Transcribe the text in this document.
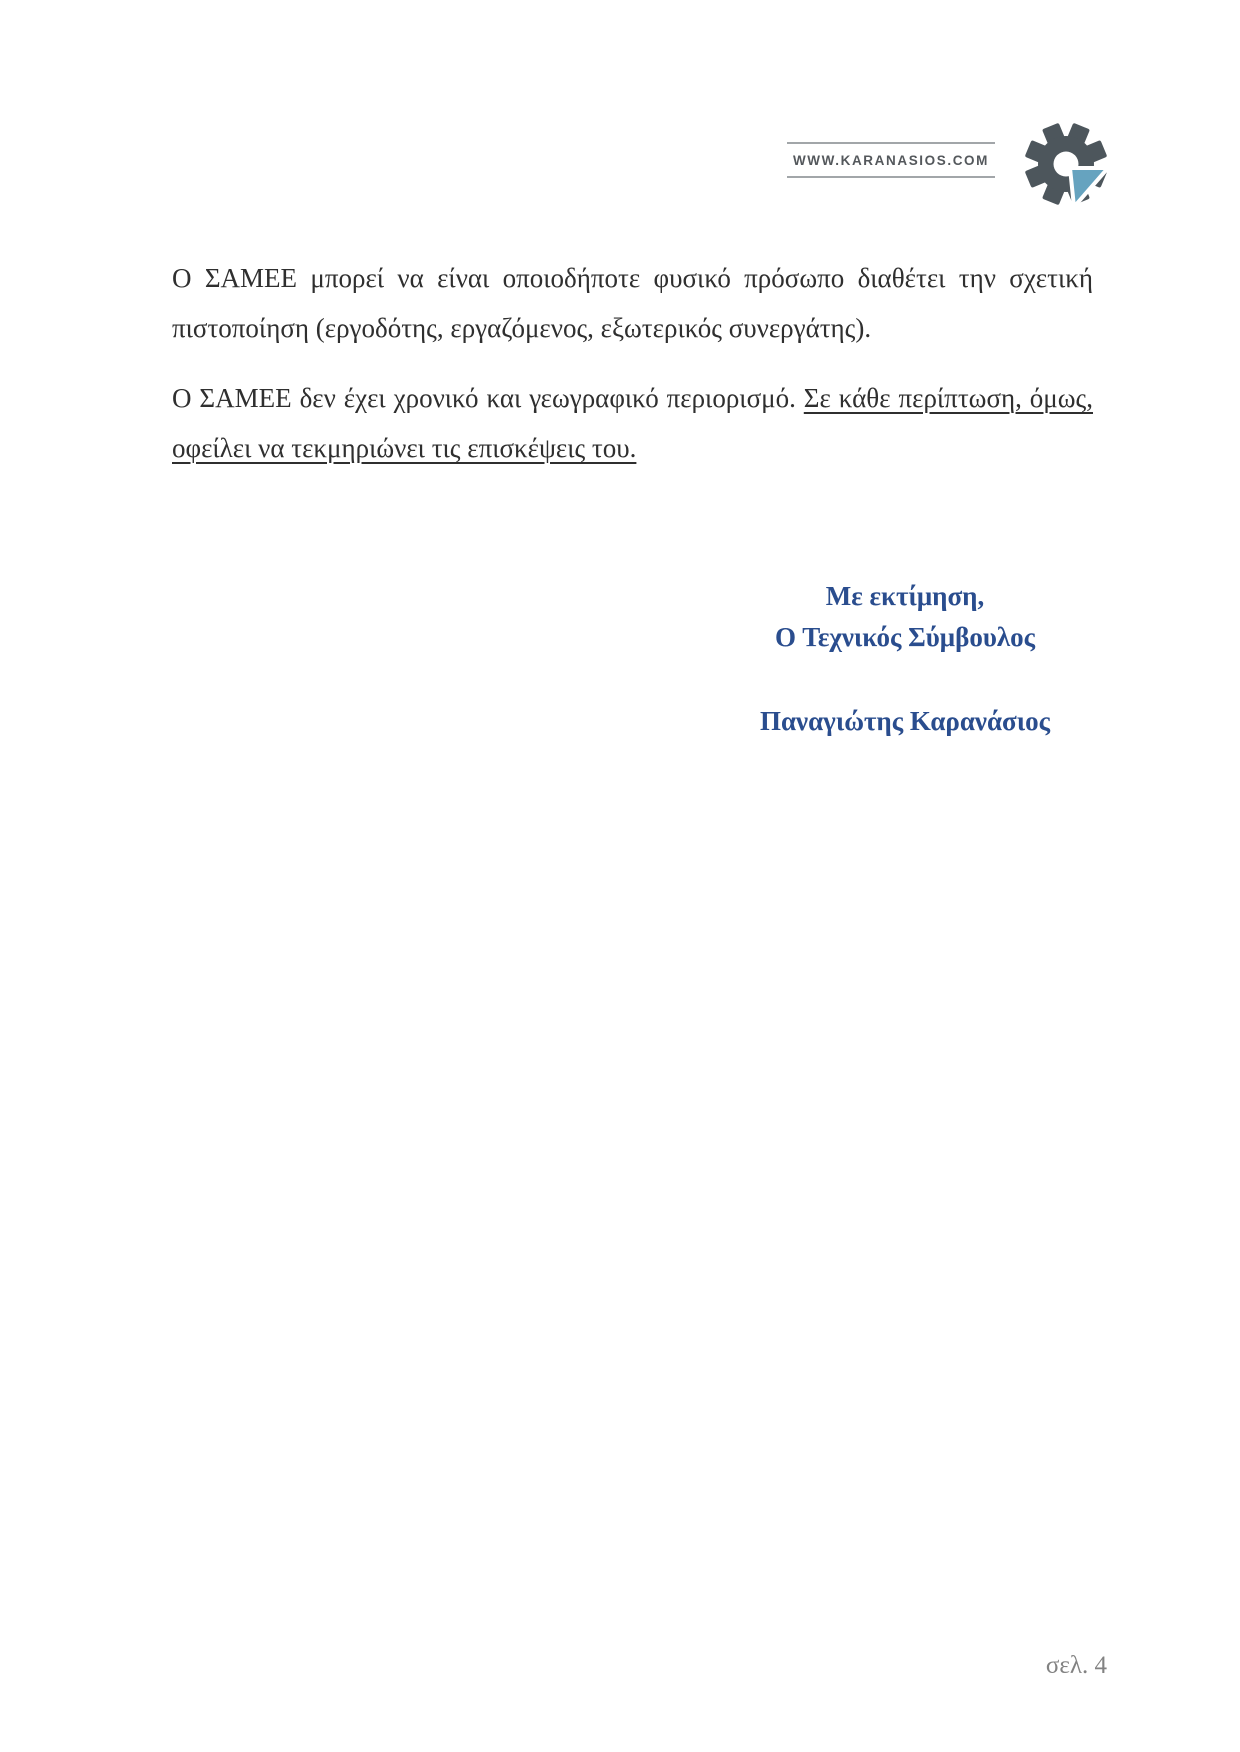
WWW.KARANASIOS.COM
Ο ΣΑΜΕΕ μπορεί να είναι οποιοδήποτε φυσικό πρόσωπο διαθέτει την σχετική
πιστοποίηση (εργοδότης, εργαζόμενος, εξωτερικός συνεργάτης).
Ο ΣΑΜΕΕ δεν έχει χρονικό και γεωγραφικό περιορισμό. Σε κάθε περίπτωση, όμως,
οφείλει να τεκμηριώνει τις επισκέψεις του.
Με εκτίμηση,
Ο Τεχνικός Σύμβουλος
Παναγιώτης Καρανάσιος
σελ. 4
